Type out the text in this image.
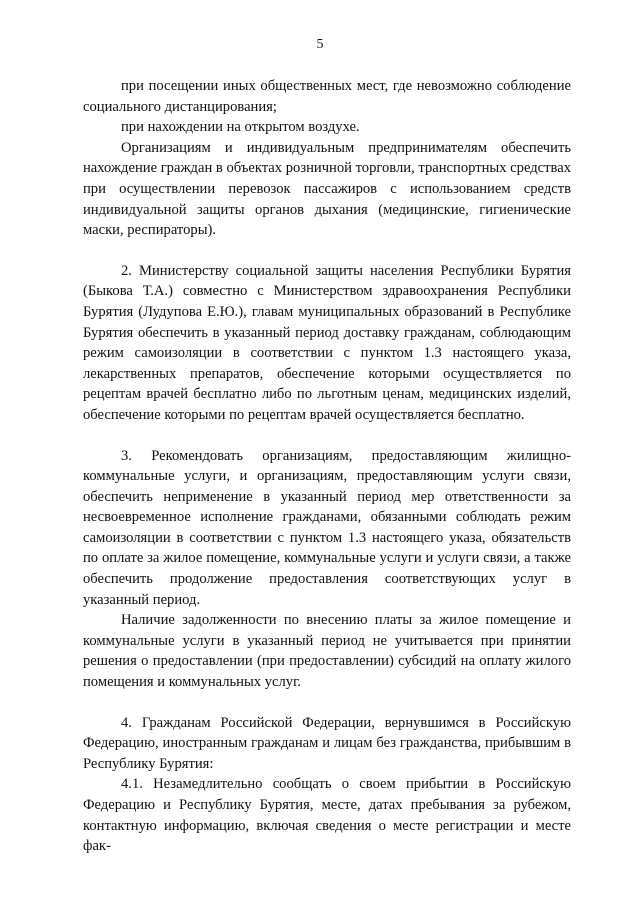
5

при посещении иных общественных мест, где невозможно соблюдение социального дистанцирования;

при нахождении на открытом воздухе.

Организациям и индивидуальным предпринимателям обеспечить нахождение граждан в объектах розничной торговли, транспортных средствах при осуществлении перевозок пассажиров с использованием средств индивидуальной защиты органов дыхания (медицинские, гигиенические маски, респираторы).

2. Министерству социальной защиты населения Республики Бурятия (Быкова Т.А.) совместно с Министерством здравоохранения Республики Бурятия (Лудупова Е.Ю.), главам муниципальных образований в Республике Бурятия обеспечить в указанный период доставку гражданам, соблюдающим режим самоизоляции в соответствии с пунктом 1.3 настоящего указа, лекарственных препаратов, обеспечение которыми осуществляется по рецептам врачей бесплатно либо по льготным ценам, медицинских изделий, обеспечение которыми по рецептам врачей осуществляется бесплатно.

3. Рекомендовать организациям, предоставляющим жилищно-коммунальные услуги, и организациям, предоставляющим услуги связи, обеспечить неприменение в указанный период мер ответственности за несвоевременное исполнение гражданами, обязанными соблюдать режим самоизоляции в соответствии с пунктом 1.3 настоящего указа, обязательств по оплате за жилое помещение, коммунальные услуги и услуги связи, а также обеспечить продолжение предоставления соответствующих услуг в указанный период.

Наличие задолженности по внесению платы за жилое помещение и коммунальные услуги в указанный период не учитывается при принятии решения о предоставлении (при предоставлении) субсидий на оплату жилого помещения и коммунальных услуг.

4. Гражданам Российской Федерации, вернувшимся в Российскую Федерацию, иностранным гражданам и лицам без гражданства, прибывшим в Республику Бурятия:

4.1. Незамедлительно сообщать о своем прибытии в Российскую Федерацию и Республику Бурятия, месте, датах пребывания за рубежом, контактную информацию, включая сведения о месте регистрации и месте фак-
